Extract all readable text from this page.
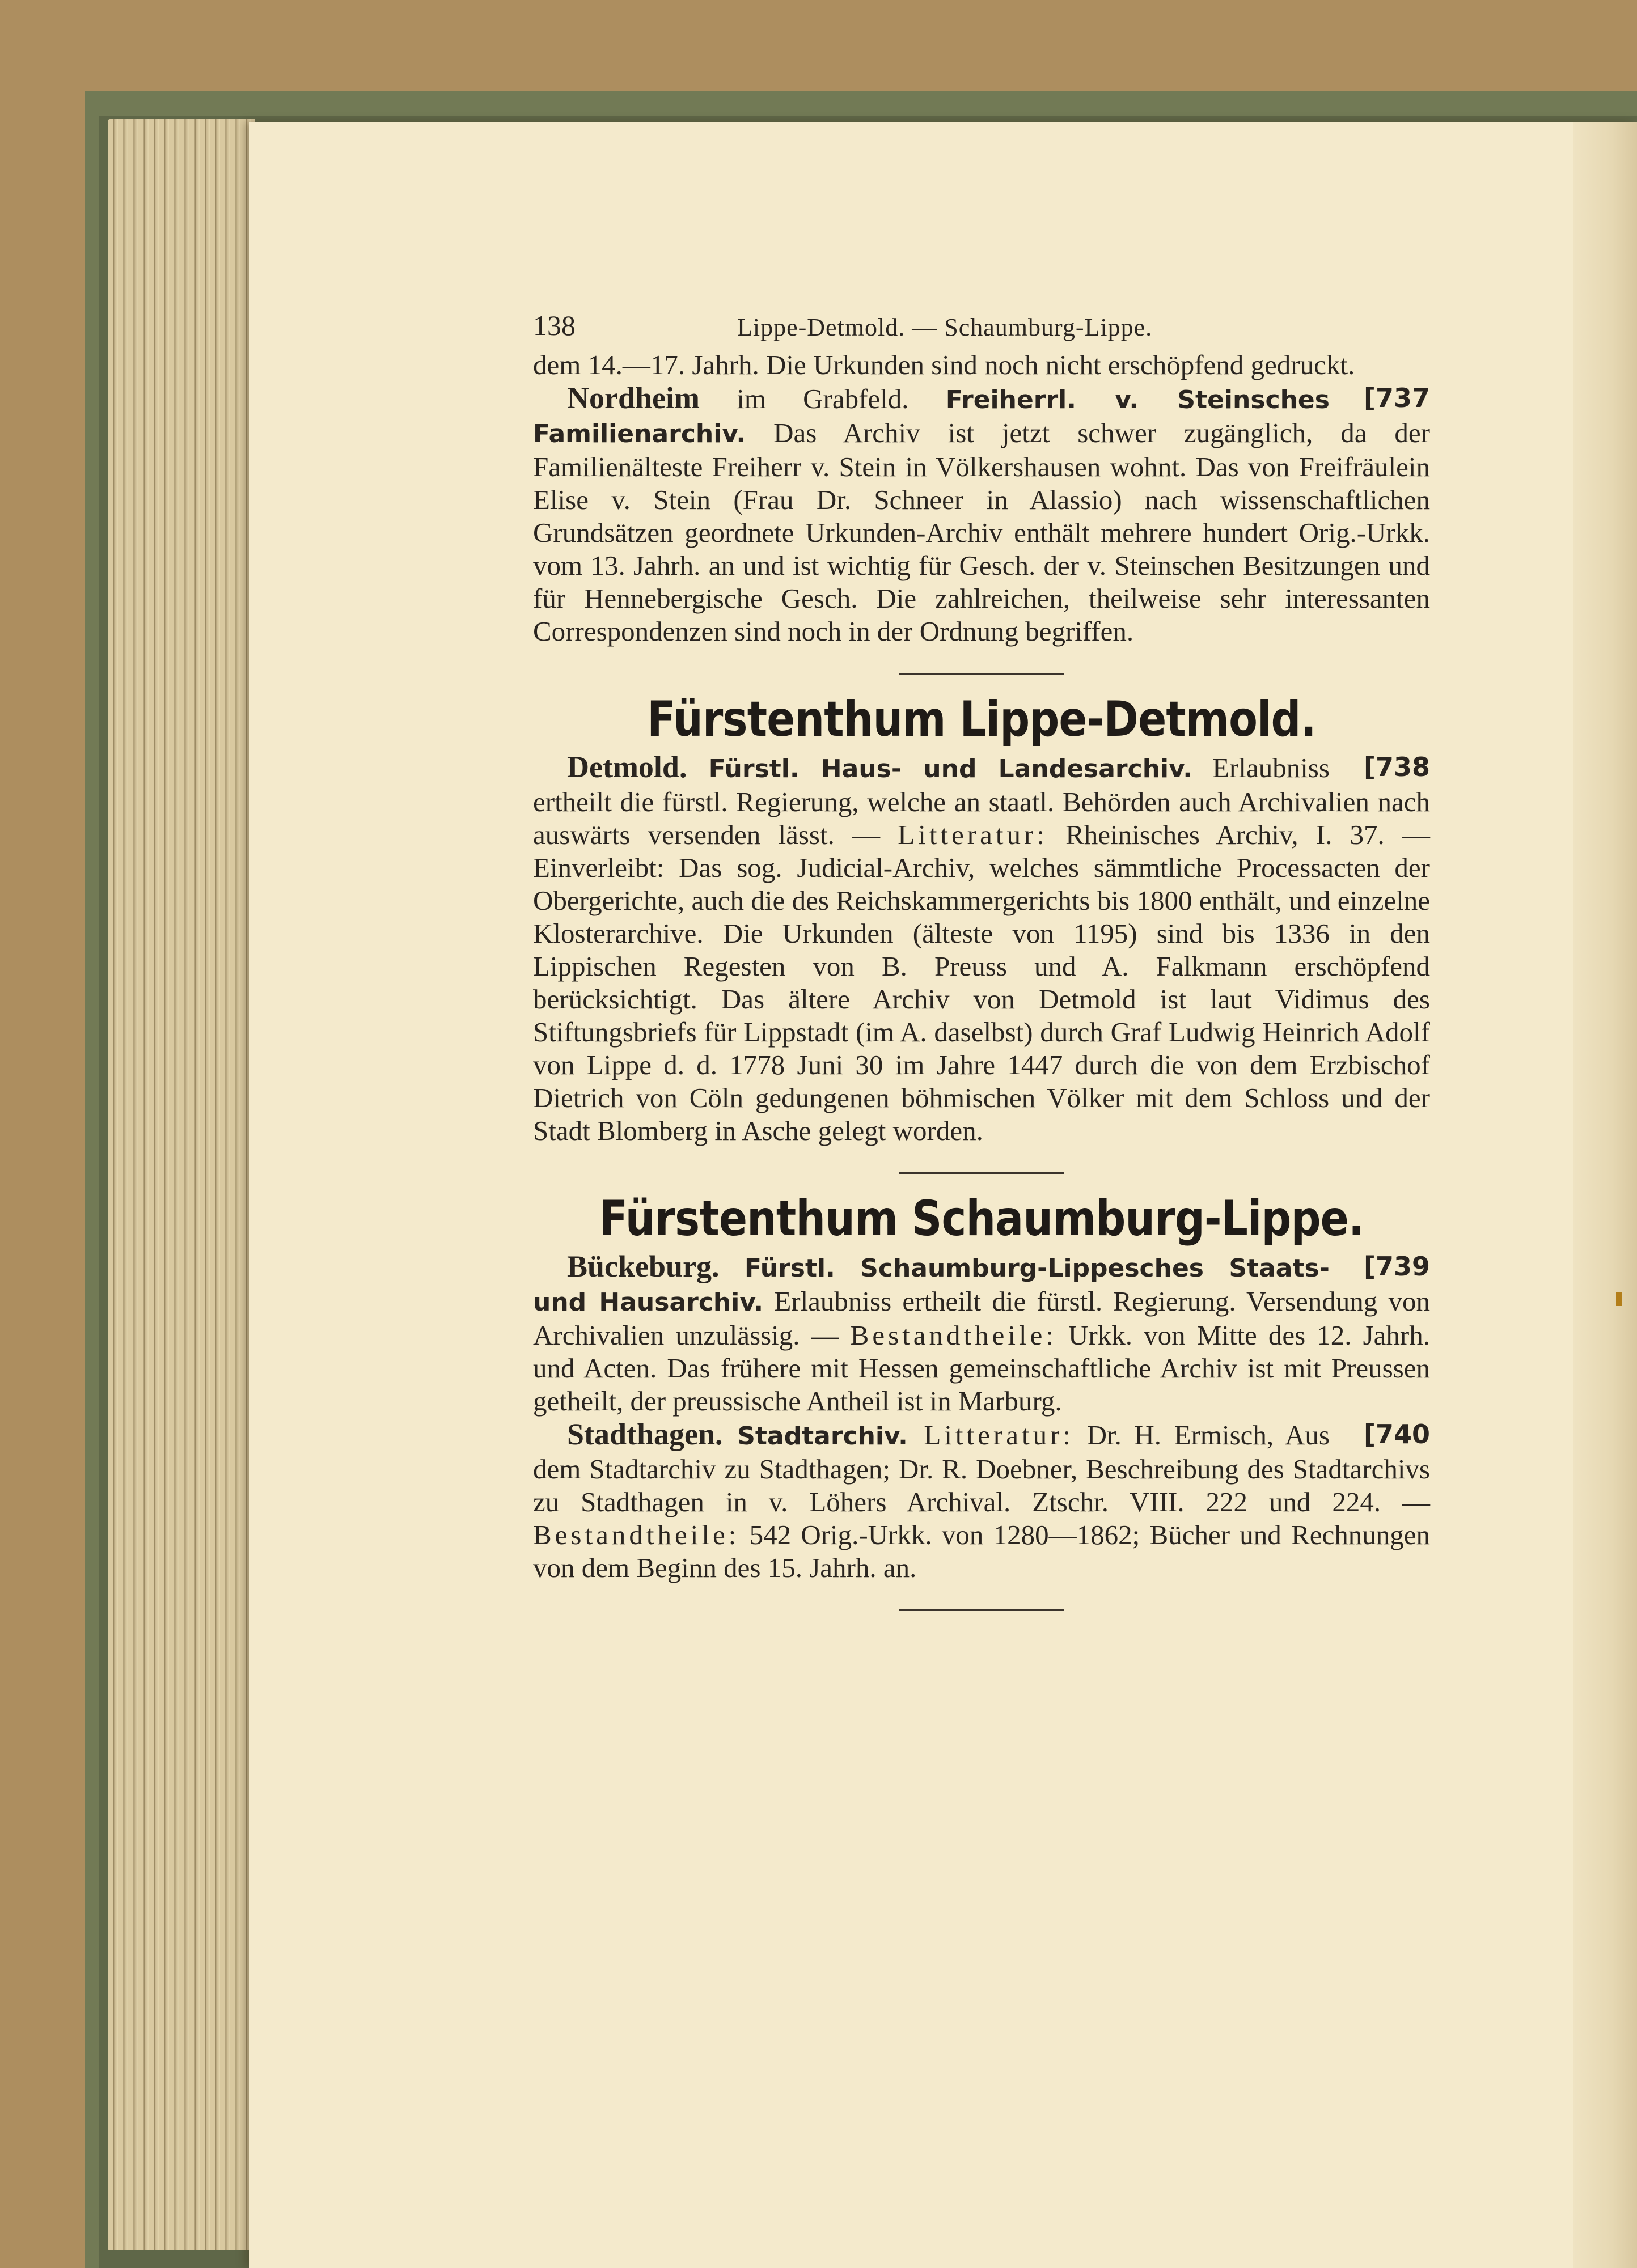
138	Lippe-Detmold. — Schaumburg-Lippe.

dem 14.—17. Jahrh. Die Urkunden sind noch nicht erschöpfend gedruckt.

[737
Nordheim im Grabfeld. Freiherrl. v. Steinsches Familienarchiv. Das Archiv ist jetzt schwer zugänglich, da der Familienälteste Freiherr v. Stein in Völkershausen wohnt. Das von Freifräulein Elise v. Stein (Frau Dr. Schneer in Alassio) nach wissenschaftlichen Grundsätzen geordnete Urkunden-Archiv enthält mehrere hundert Orig.-Urkk. vom 13. Jahrh. an und ist wichtig für Gesch. der v. Steinschen Besitzungen und für Hennebergische Gesch. Die zahlreichen, theilweise sehr interessanten Correspondenzen sind noch in der Ordnung begriffen.

Fürstenthum Lippe-Detmold.

[738
Detmold. Fürstl. Haus- und Landesarchiv. Erlaubniss ertheilt die fürstl. Regierung, welche an staatl. Behörden auch Archivalien nach auswärts versenden lässt. — Litteratur: Rheinisches Archiv, I. 37. — Einverleibt: Das sog. Judicial-Archiv, welches sämmtliche Processacten der Obergerichte, auch die des Reichskammergerichts bis 1800 enthält, und einzelne Klosterarchive. Die Urkunden (älteste von 1195) sind bis 1336 in den Lippischen Regesten von B. Preuss und A. Falkmann erschöpfend berücksichtigt. Das ältere Archiv von Detmold ist laut Vidimus des Stiftungsbriefs für Lippstadt (im A. daselbst) durch Graf Ludwig Heinrich Adolf von Lippe d. d. 1778 Juni 30 im Jahre 1447 durch die von dem Erzbischof Dietrich von Cöln gedungenen böhmischen Völker mit dem Schloss und der Stadt Blomberg in Asche gelegt worden.

Fürstenthum Schaumburg-Lippe.

[739
Bückeburg. Fürstl. Schaumburg-Lippesches Staats- und Hausarchiv. Erlaubniss ertheilt die fürstl. Regierung. Versendung von Archivalien unzulässig. — Bestandtheile: Urkk. von Mitte des 12. Jahrh. und Acten. Das frühere mit Hessen gemeinschaftliche Archiv ist mit Preussen getheilt, der preussische Antheil ist in Marburg.

[740
Stadthagen. Stadtarchiv. Litteratur: Dr. H. Ermisch, Aus dem Stadtarchiv zu Stadthagen; Dr. R. Doebner, Beschreibung des Stadtarchivs zu Stadthagen in v. Löhers Archival. Ztschr. VIII. 222 und 224. — Bestandtheile: 542 Orig.-Urkk. von 1280—1862; Bücher und Rechnungen von dem Beginn des 15. Jahrh. an.
